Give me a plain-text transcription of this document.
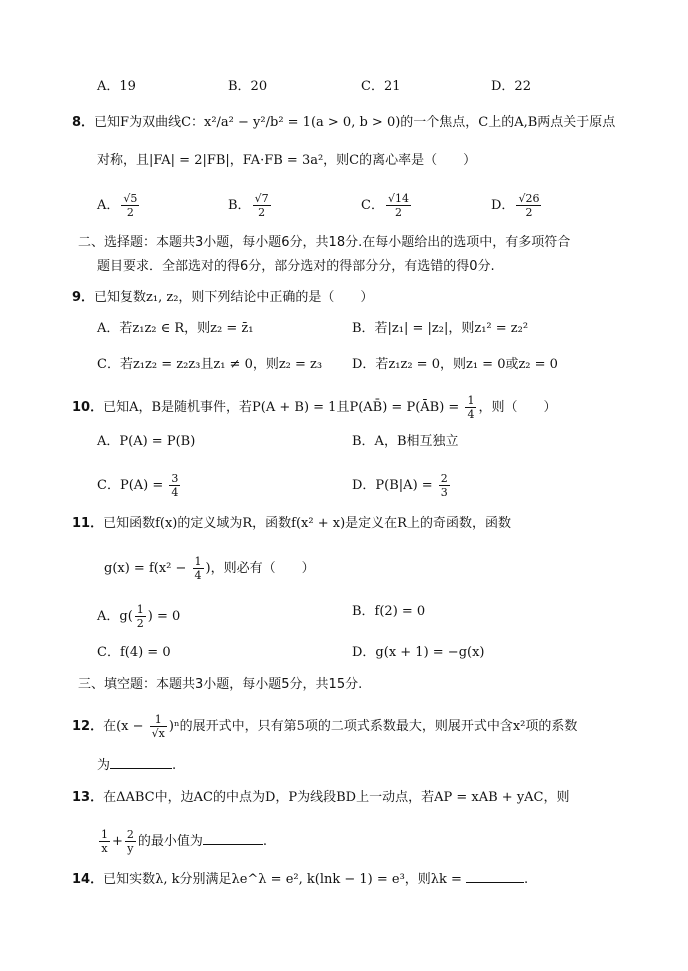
A．19	B．20	C．21	D．22
8．已知F为双曲线C：x²/a² − y²/b² = 1(a > 0, b > 0)的一个焦点，C上的A,B两点关于原点
对称，且|FA| = 2|FB|，FA·FB = 3a²，则C的离心率是（　　）
A． $\frac{√5}{2}$	B． $\frac{√7}{2}$	C． $\frac{√14}{2}$	D． $\frac{√26}{2}$
二、选择题：本题共3小题，每小题6分，共18分.在每小题给出的选项中，有多项符合
题目要求．全部选对的得6分，部分选对的得部分分，有选错的得0分.
9．已知复数z₁, z₂，则下列结论中正确的是（　　）
A．若z₁z₂ ∈ R，则z₂ = z̄₁	B．若|z₁| = |z₂|，则z₁² = z₂²
C．若z₁z₂ = z₂z₃且z₁ ≠ 0，则z₂ = z₃ D．若z₁z₂ = 0，则z₁ = 0或z₂ = 0
10．已知A，B是随机事件，若P(A + B) = 1且P(AB̄) = P(ĀB) = $\frac{1}{4}$ ，则（　　）
A．P(A) = P(B)	B．A，B相互独立
C．$P(A) = \frac{3}{4}$	D．$P(B|A) = \frac{2}{3}$
11．已知函数f(x)的定义域为R，函数f(x² + x)是定义在R上的奇函数，函数
$g(x) = f(x^2 - \frac{1}{4}$ )，则必有（　　）
A．$g( \frac{1}{2}$ ) = 0	B．f(2) = 0
C．f(4) = 0	D．g(x + 1) = −g(x)
三、填空题：本题共3小题，每小题5分，共15分.
12．在$(x - \frac{1}{√x} )^n$的展开式中，只有第5项的二项式系数最大，则展开式中含x²项的系数
为	.
13．在ΔABC中，边AC的中点为D，P为线段BD上一动点，若AP = xAB + yAC，则
$\frac{1}{x} + \frac{2}{y}$ 的最小值为	.
14．已知实数λ, k分别满足λe^λ = e², k(lnk − 1) = e³，则λk =	.
